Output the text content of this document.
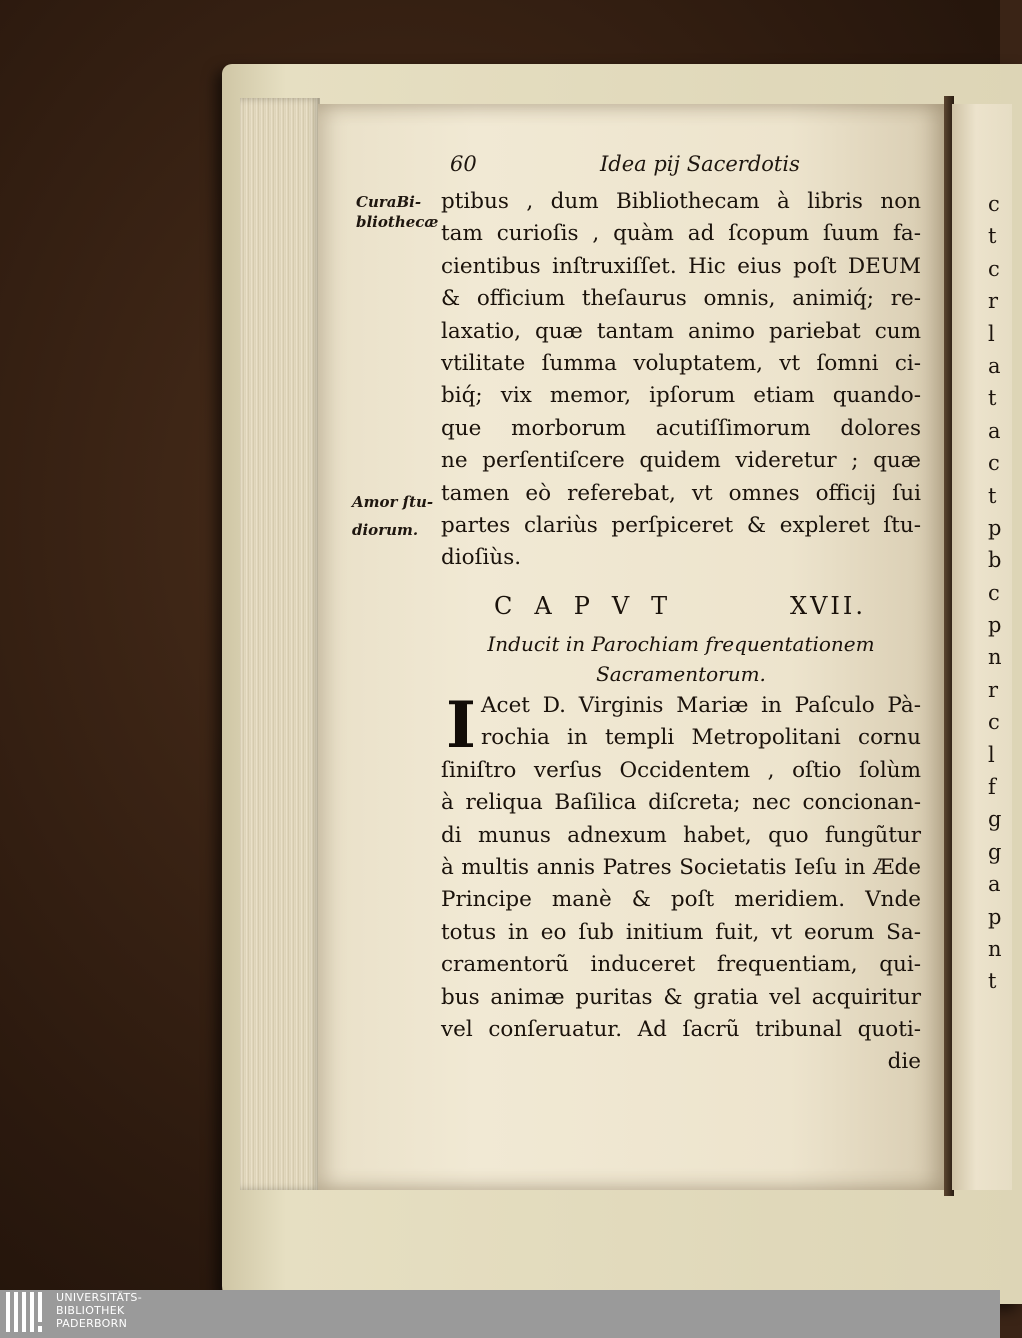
c
t
c
r
l
a
t
a
c
t
p
b
c
p
n
r
c
l
f
g
g
a
p
n
t
60	Idea pij Sacerdotis
CuraBi-
bliothecæ
Amor ſtu-
diorum.
ptibus , dum Bibliothecam à libris non
tam curioſis , quàm ad ſcopum ſuum fa-
cientibus inſtruxiſſet. Hic eius poſt DEUM
& officium theſaurus omnis, animiq́; re-
laxatio, quæ tantam animo pariebat cum
vtilitate ſumma voluptatem, vt ſomni ci-
biq́; vix memor, ipſorum etiam quando-
que morborum acutiſſimorum dolores
ne perſentiſcere quidem videretur ; quæ
tamen eò referebat, vt omnes officij ſui
partes clariùs perſpiceret & expleret ſtu-
dioſiùs.
CAPVT	XVII.
Inducit in Parochiam frequentationem
Sacramentorum.
I Acet D. Virginis Mariæ in Paſculo Pà-
rochia in templi Metropolitani cornu
ſiniſtro verſus Occidentem , oſtio ſolùm
à reliqua Baſilica diſcreta; nec concionan-
di munus adnexum habet, quo fungũtur
à multis annis Patres Societatis Ieſu in Æde
Principe manè & poſt meridiem. Vnde
totus in eo ſub initium fuit, vt eorum Sa-
cramentorũ induceret frequentiam, qui-
bus animæ puritas & gratia vel acquiritur
vel conſeruatur. Ad ſacrũ tribunal quoti-
die
UNIVERSITÄTS-
BIBLIOTHEK
PADERBORN
